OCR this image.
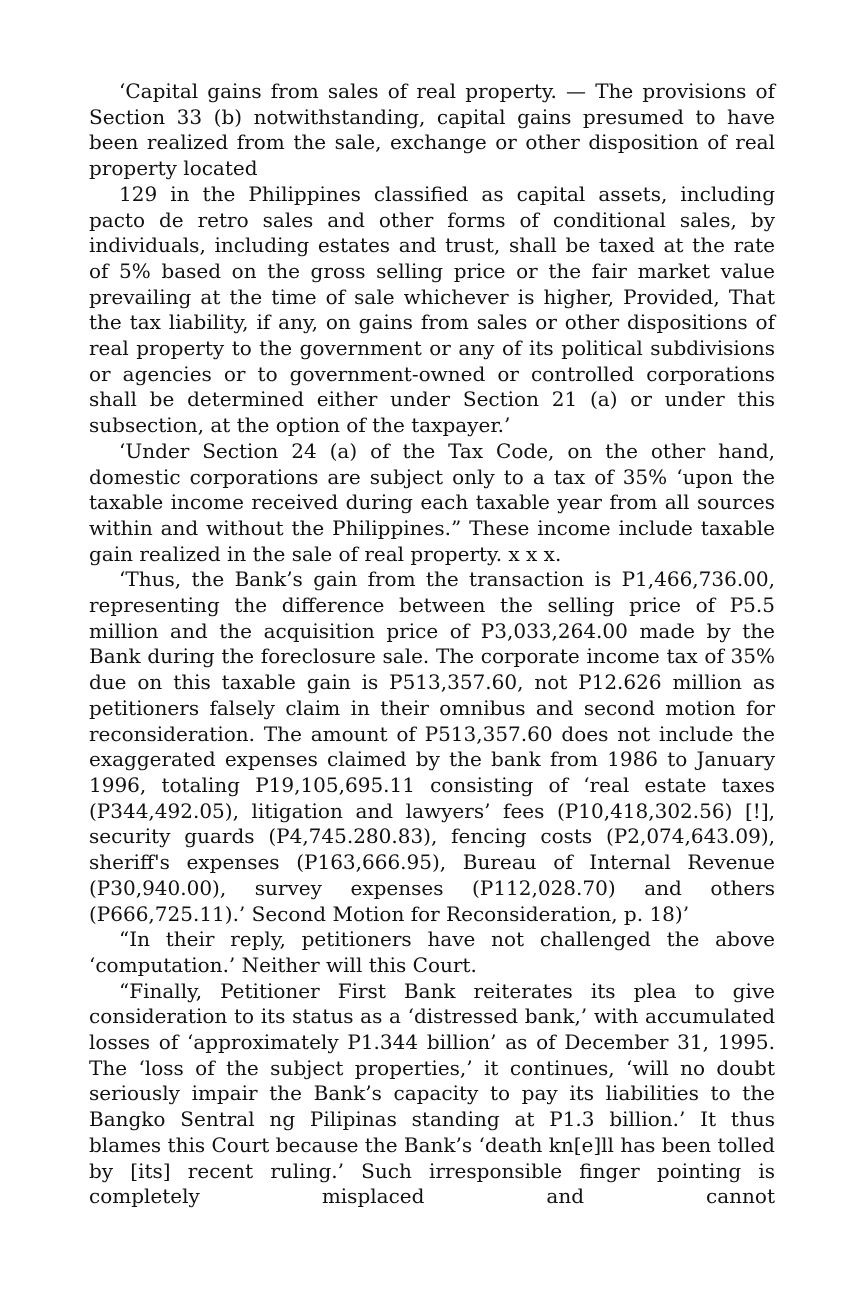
‘Capital gains from sales of real property. — The provisions of Section 33 (b) notwithstanding, capital gains presumed to have been realized from the sale, exchange or other disposition of real property located

129 in the Philippines classified as capital assets, including pacto de retro sales and other forms of conditional sales, by individuals, including estates and trust, shall be taxed at the rate of 5% based on the gross selling price or the fair market value prevailing at the time of sale whichever is higher, Provided, That the tax liability, if any, on gains from sales or other dispositions of real property to the government or any of its political subdivisions or agencies or to government-owned or controlled corporations shall be determined either under Section 21 (a) or under this subsection, at the option of the taxpayer.’

‘Under Section 24 (a) of the Tax Code, on the other hand, domestic corporations are subject only to a tax of 35% ‘upon the taxable income received during each taxable year from all sources within and without the Philippines.” These income include taxable gain realized in the sale of real property. x x x.

‘Thus, the Bank’s gain from the transaction is P1,466,736.00, representing the difference between the selling price of P5.5 million and the acquisition price of P3,033,264.00 made by the Bank during the foreclosure sale. The corporate income tax of 35% due on this taxable gain is P513,357.60, not P12.626 million as petitioners falsely claim in their omnibus and second motion for reconsideration. The amount of P513,357.60 does not include the exaggerated expenses claimed by the bank from 1986 to January 1996, totaling P19,105,695.11 consisting of ‘real estate taxes (P344,492.05), litigation and lawyers’ fees (P10,418,302.56) [!], security guards (P4,745.280.83), fencing costs (P2,074,643.09), sheriff's expenses (P163,666.95), Bureau of Internal Revenue (P30,940.00), survey expenses (P112,028.70) and others (P666,725.11).’ Second Motion for Reconsideration, p. 18)’

“In their reply, petitioners have not challenged the above ‘computation.’ Neither will this Court.

“Finally, Petitioner First Bank reiterates its plea to give consideration to its status as a ‘distressed bank,’ with accumulated losses of ‘approximately P1.344 billion’ as of December 31, 1995. The ‘loss of the subject properties,’ it continues, ‘will no doubt seriously impair the Bank’s capacity to pay its liabilities to the Bangko Sentral ng Pilipinas standing at P1.3 billion.’ It thus blames this Court because the Bank’s ‘death kn[e]ll has been tolled by [its] recent ruling.’ Such irresponsible finger pointing is completely misplaced and cannot
